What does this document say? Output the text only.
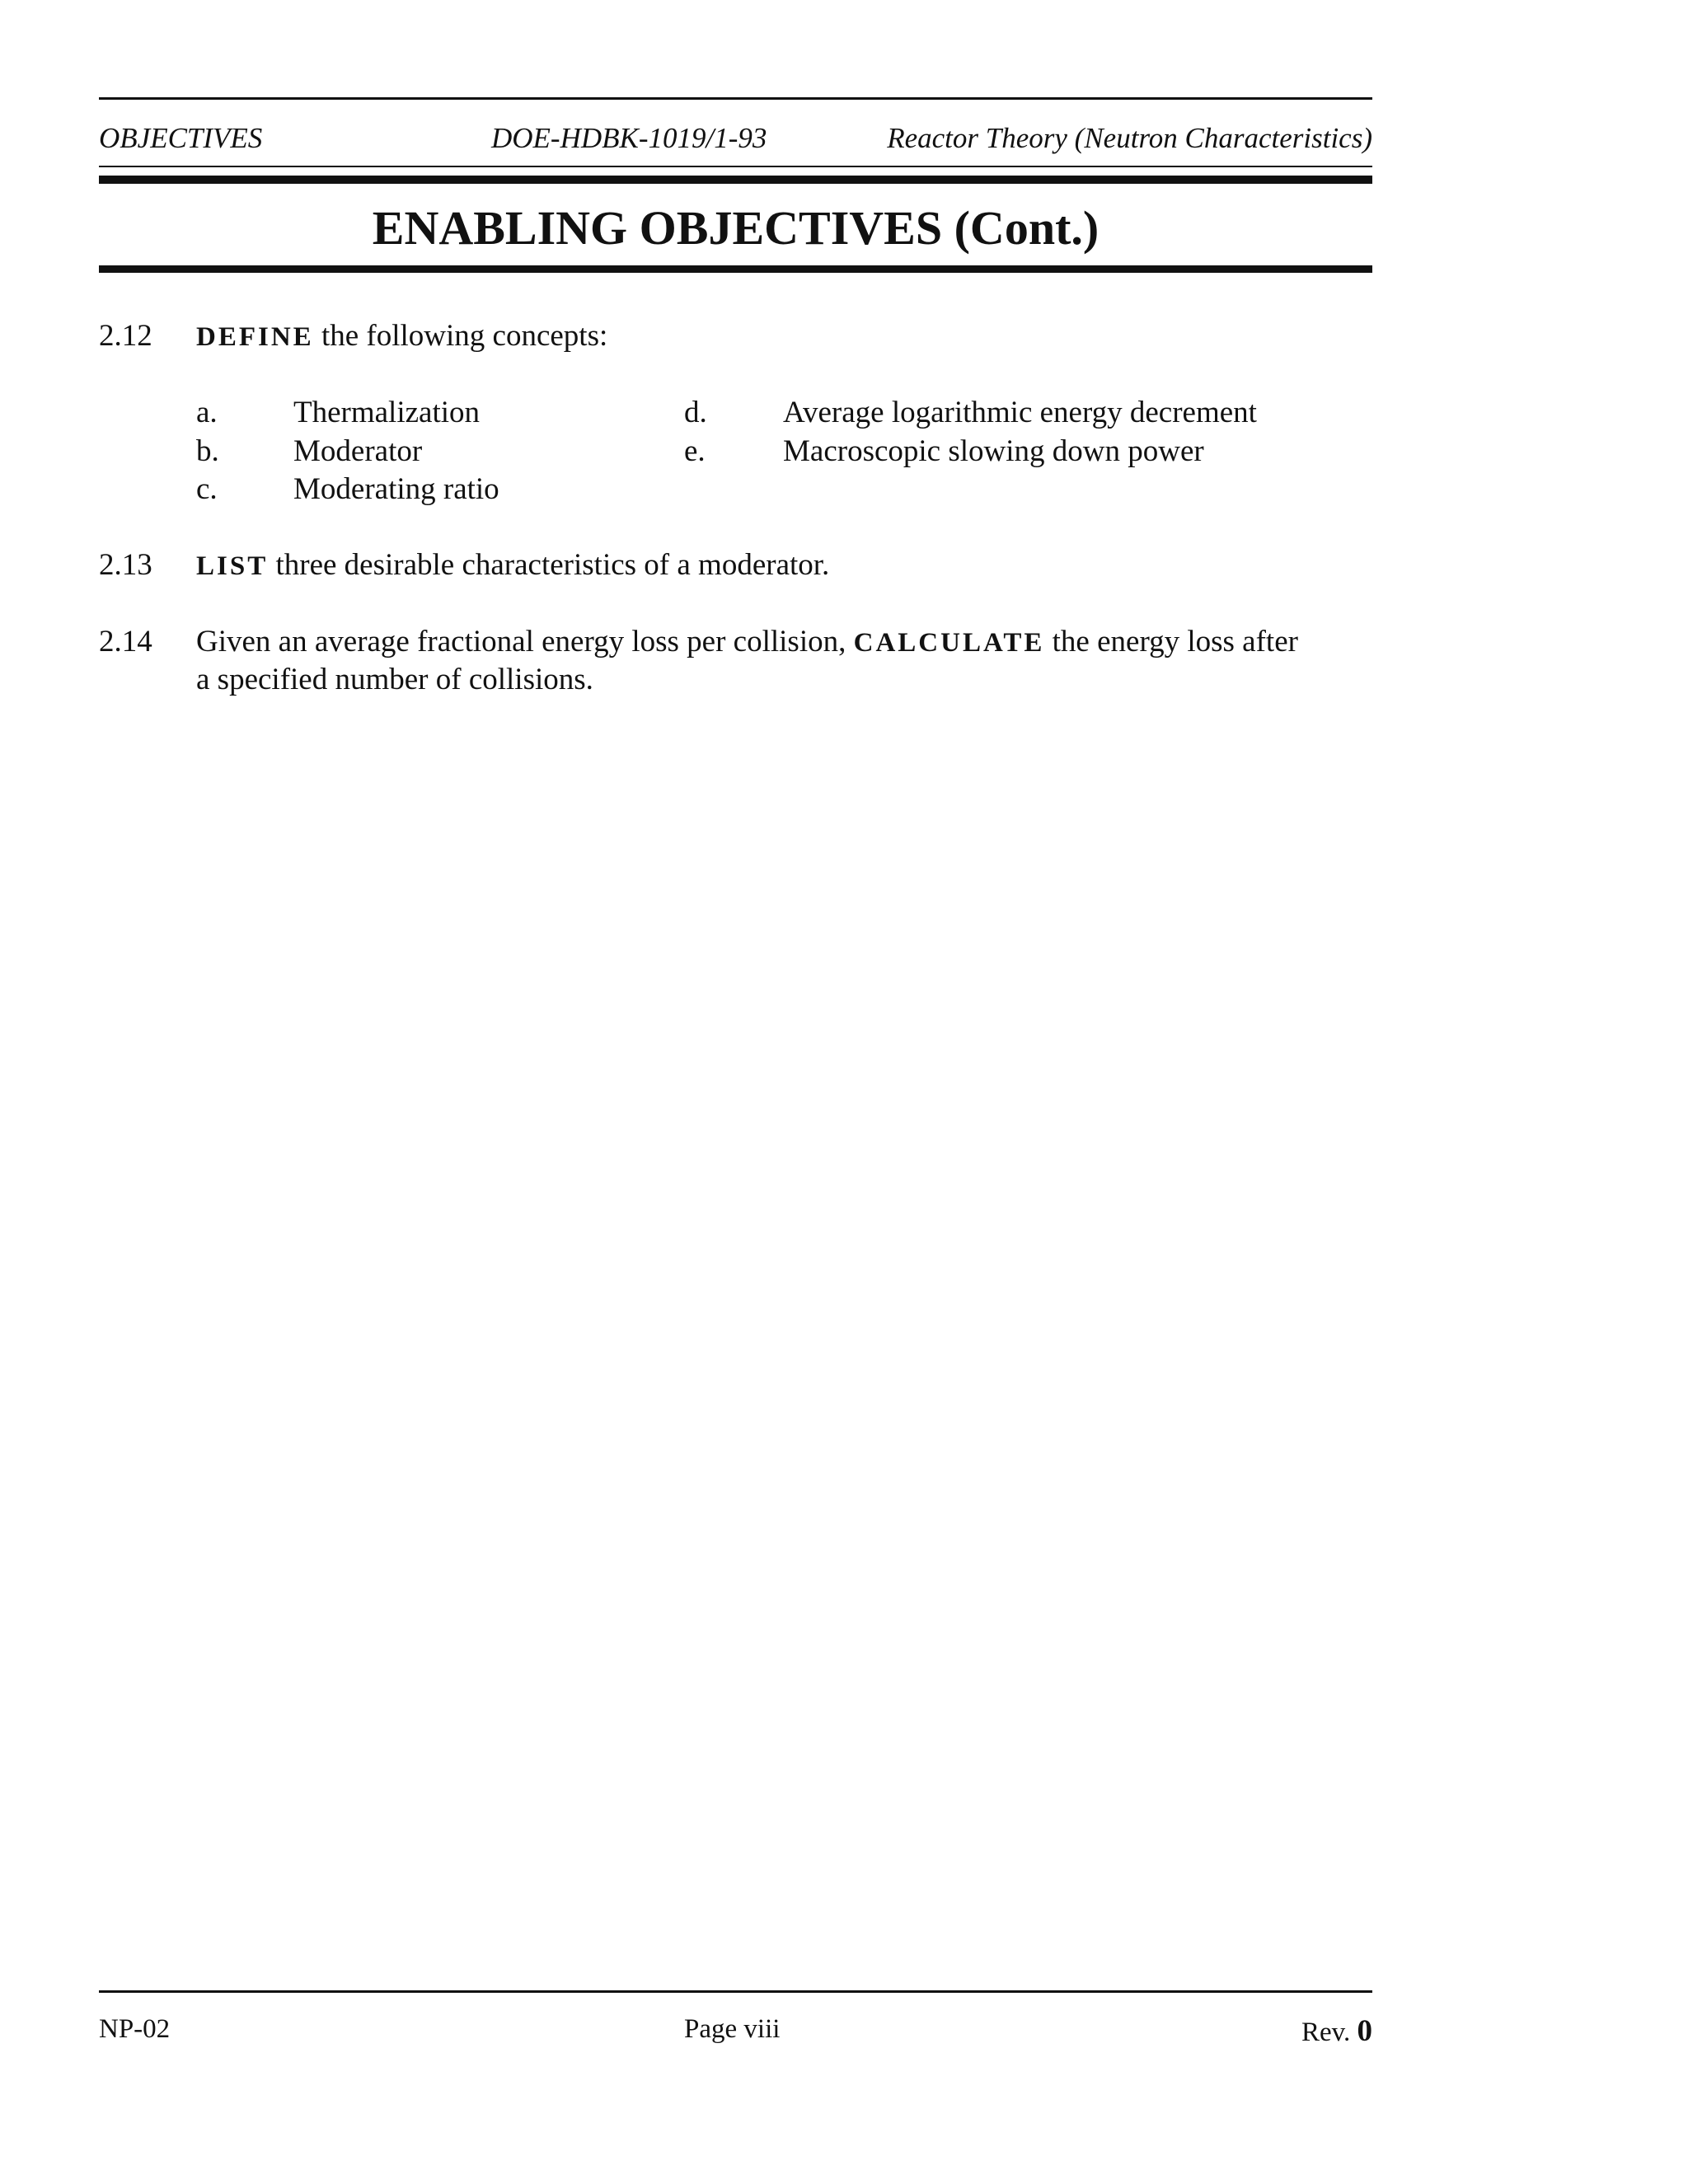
OBJECTIVES	DOE-HDBK-1019/1-93	Reactor Theory (Neutron Characteristics)
ENABLING OBJECTIVES (Cont.)
2.12 DEFINE the following concepts:
a. Thermalization
b. Moderator
c. Moderating ratio
d. Average logarithmic energy decrement
e.	Macroscopic slowing down power
2.13 LIST three desirable characteristics of a moderator.
2.14 Given an average fractional energy loss per collision, CALCULATE the energy loss after
a specified number of collisions.
NP-02	Page viii	Rev. 0
